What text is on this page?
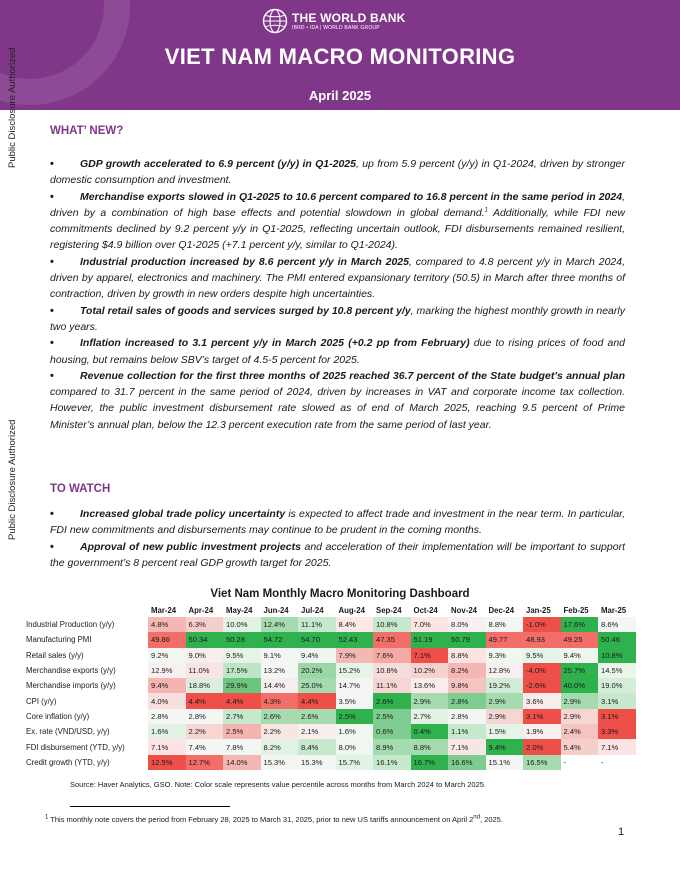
THE WORLD BANK
IBRD • IDA | WORLD BANK GROUP
VIET NAM MACRO MONITORING
April 2025
Public Disclosure Authorized
Public Disclosure Authorized
WHAT’ NEW?

• GDP growth accelerated to 6.9 percent (y/y) in Q1-2025, up from 5.9 percent (y/y) in Q1-2024, driven by stronger domestic consumption and investment.

• Merchandise exports slowed in Q1-2025 to 10.6 percent compared to 16.8 percent in the same period in 2024, driven by a combination of high base effects and potential slowdown in global demand.$^1$ Additionally, while FDI new commitments declined by 9.2 percent y/y in Q1-2025, reflecting uncertain outlook, FDI disbursements remained resilient, registering $4.9 billion over Q1-2025 (+7.1 percent y/y, similar to Q1-2024).

• Industrial production increased by 8.6 percent y/y in March 2025, compared to 4.8 percent y/y in March 2024, driven by apparel, electronics and machinery. The PMI entered expansionary territory (50.5) in March after three months of contraction, driven by growth in new orders despite high uncertainties.

• Total retail sales of goods and services surged by 10.8 percent y/y, marking the highest monthly growth in nearly two years.

• Inflation increased to 3.1 percent y/y in March 2025 (+0.2 pp from February) due to rising prices of food and housing, but remains below SBV’s target of 4.5-5 percent for 2025.

• Revenue collection for the first three months of 2025 reached 36.7 percent of the State budget’s annual plan compared to 31.7 percent in the same period of 2024, driven by increases in VAT and corporate income tax collection. However, the public investment disbursement rate slowed as of end of March 2025, reaching 9.5 percent of Prime Minister’s annual plan, below the 12.3 percent execution rate from the same period of last year.

TO WATCH

• Increased global trade policy uncertainty is expected to affect trade and investment in the near term. In particular, FDI new commitments and disbursements may continue to be prudent in the coming months.

• Approval of new public investment projects and acceleration of their implementation will be important to support the government’s 8 percent real GDP growth target for 2025.

Viet Nam Monthly Macro Monitoring Dashboard
	Mar-24	Apr-24	May-24	Jun-24	Jul-24	Aug-24	Sep-24	Oct-24	Nov-24	Dec-24	Jan-25	Feb-25	Mar-25
Industrial Production (y/y)	4.8%	6.3%	10.0%	12.4%	11.1%	8.4%	10.8%	7.0%	8.0%	8.8%	-1.0%	17.6%	8.6%
Manufacturing PMI	49.86	50.34	50.28	54.72	54.70	52.43	47.35	51.19	50.79	49.77	48.93	49.25	50.46
Retail sales (y/y)	9.2%	9.0%	9.5%	9.1%	9.4%	7.9%	7.6%	7.1%	8.8%	9.3%	9.5%	9.4%	10.8%
Merchandise exports (y/y)	12.9%	11.0%	17.5%	13.2%	20.2%	15.2%	10.8%	10.2%	8.2%	12.8%	-4.0%	25.7%	14.5%
Merchandise imports (y/y)	9.4%	18.8%	29.9%	14.4%	25.0%	14.7%	11.1%	13.6%	9.8%	19.2%	-2.6%	40.0%	19.0%
CPI (y/y)	4.0%	4.4%	4.4%	4.3%	4.4%	3.5%	2.6%	2.9%	2.8%	2.9%	3.6%	2.9%	3.1%
Core inflation (y/y)	2.8%	2.8%	2.7%	2.6%	2.6%	2.5%	2.5%	2.7%	2.8%	2.9%	3.1%	2.9%	3.1%
Ex. rate (VND/USD, y/y)	1.6%	2.2%	2.5%	2.2%	2.1%	1.6%	0.6%	0.4%	1.1%	1.5%	1.9%	2.4%	3.3%
FDI disbursement (YTD, y/y)	7.1%	7.4%	7.8%	8.2%	8.4%	8.0%	8.9%	8.8%	7.1%	9.4%	2.0%	5.4%	7.1%
Credit growth (YTD, y/y)	12.5%	12.7%	14.0%	15.3%	15.3%	15.7%	16.1%	16.7%	16.6%	15.1%	16.5%	-	-
Source: Haver Analytics, GSO. Note: Color scale represents value percentile across months from March 2024 to March 2025.
$^1$ This monthly note covers the period from February 28, 2025 to March 31, 2025, prior to new US tariffs announcement on April 2nd, 2025.
1
